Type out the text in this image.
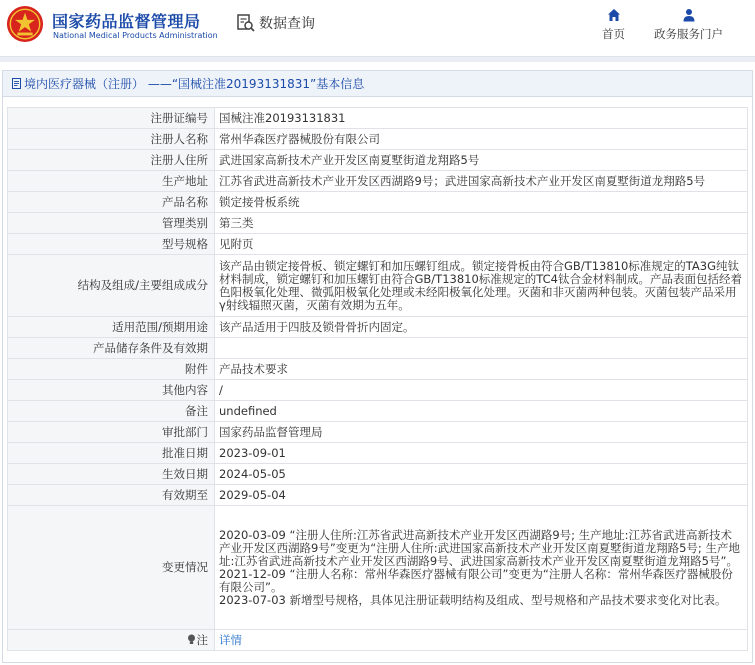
国家药品监督管理局
National Medical Products Administration
数据查询
首页	政务服务门户
境内医疗器械（注册） ——“国械注准20193131831”基本信息
注册证编号	国械注准20193131831
注册人名称	常州华森医疗器械股份有限公司
注册人住所	武进国家高新技术产业开发区南夏墅街道龙翔路5号
生产地址	江苏省武进高新技术产业开发区西湖路9号；武进国家高新技术产业开发区南夏墅街道龙翔路5号
产品名称	锁定接骨板系统
管理类别	第三类
型号规格	见附页
结构及组成/主要组成成分	该产品由锁定接骨板、锁定螺钉和加压螺钉组成。锁定接骨板由符合GB/T13810标准规定的TA3G纯钛材料制成，锁定螺钉和加压螺钉由符合GB/T13810标准规定的TC4钛合金材料制成。产品表面包括经着色阳极氧化处理、微弧阳极氧化处理或未经阳极氧化处理。灭菌和非灭菌两种包装。灭菌包装产品采用γ射线辐照灭菌，灭菌有效期为五年。
适用范围/预期用途	该产品适用于四肢及锁骨骨折内固定。
产品储存条件及有效期	
附件	产品技术要求
其他内容	/
备注	undefined
审批部门	国家药品监督管理局
批准日期	2023-09-01
生效日期	2024-05-05
有效期至	2029-05-04
变更情况	2020-03-09 “注册人住所:江苏省武进高新技术产业开发区西湖路9号; 生产地址:江苏省武进高新技术产业开发区西湖路9号”变更为“注册人住所:武进国家高新技术产业开发区南夏墅街道龙翔路5号; 生产地址:江苏省武进高新技术产业开发区西湖路9号、武进国家高新技术产业开发区南夏墅街道龙翔路5号”。
2021-12-09 “注册人名称：常州华森医疗器械有限公司”变更为“注册人名称：常州华森医疗器械股份有限公司”。
2023-07-03 新增型号规格，具体见注册证载明结构及组成、型号规格和产品技术要求变化对比表。

注	详情
